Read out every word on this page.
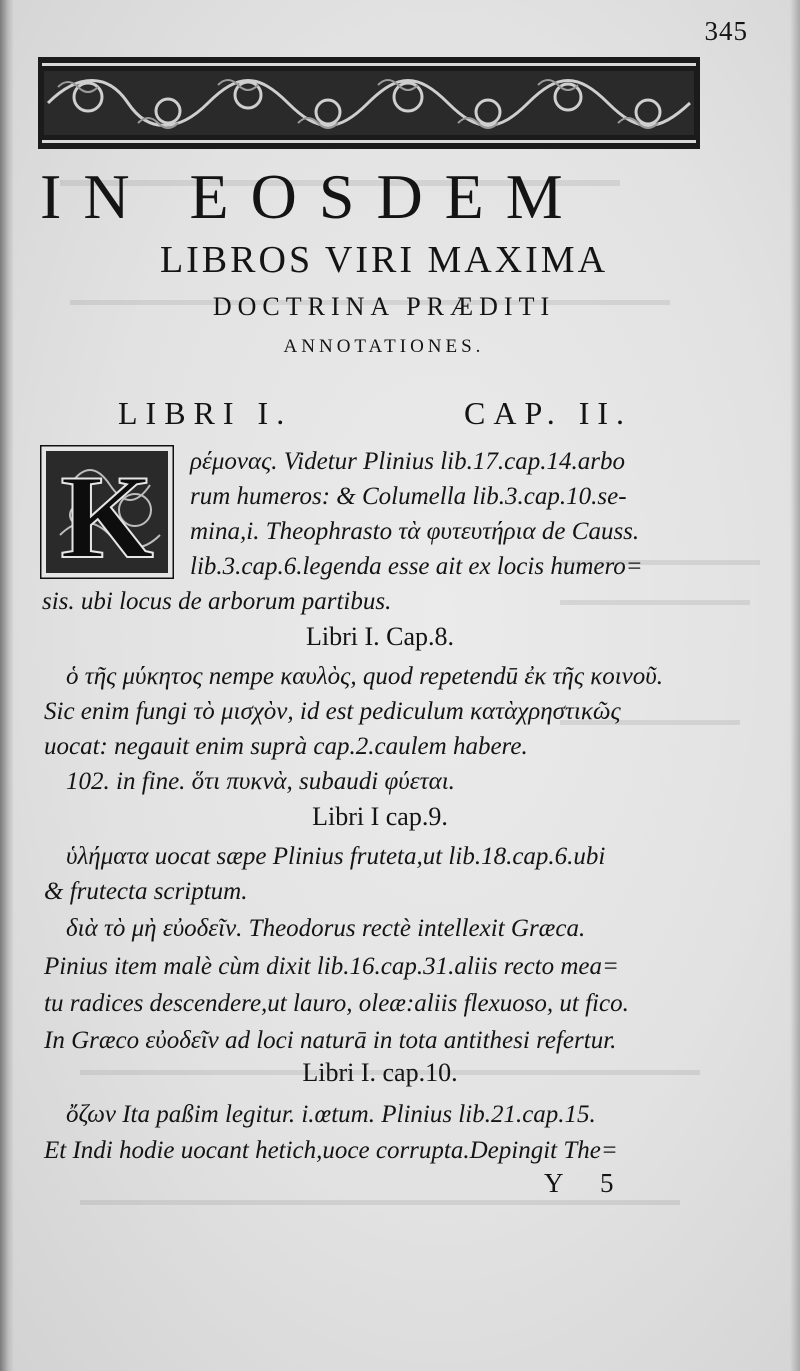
345
IN EOSDEM
LIBROS VIRI MAXIMA
DOCTRINA PRÆDITI
ANNOTATIONES.
LIBRI I.	CAP. II.
K ρέμονας. Videtur Plinius lib.17.cap.14.arbo
rum humeros: & Columella lib.3.cap.10.se-
mina,i. Theophrasto τὰ φυτευτήρια de Causs.
lib.3.cap.6.legenda esse ait ex locis humero=
sis. ubi locus de arborum partibus.
Libri I. Cap.8.
ὁ τῆς μύκητος nempe καυλὸς, quod repetendū ἐκ τῆς κοινοῦ.
Sic enim fungi τὸ μισχὸν, id est pediculum κατὰχρηστικῶς
uocat: negauit enim suprà cap.2.caulem habere.
102. in fine. ὅτι πυκνὰ, subaudi φύεται.
Libri I cap.9.
ὑλήματα uocat sæpe Plinius fruteta,ut lib.18.cap.6.ubi
& frutecta scriptum.
διὰ τὸ μὴ εὐοδεῖν. Theodorus rectè intellexit Græca.
Pinius item malè cùm dixit lib.16.cap.31.aliis recto mea=
tu radices descendere,ut lauro, oleæ:aliis flexuoso, ut fico.
In Græco εὐοδεῖν ad loci naturā in tota antithesi refertur.
Libri I. cap.10.
ὄζων Ita paßim legitur. i.œtum. Plinius lib.21.cap.15.
Et Indi hodie uocant hetich,uoce corrupta.Depingit The=
Y 5
